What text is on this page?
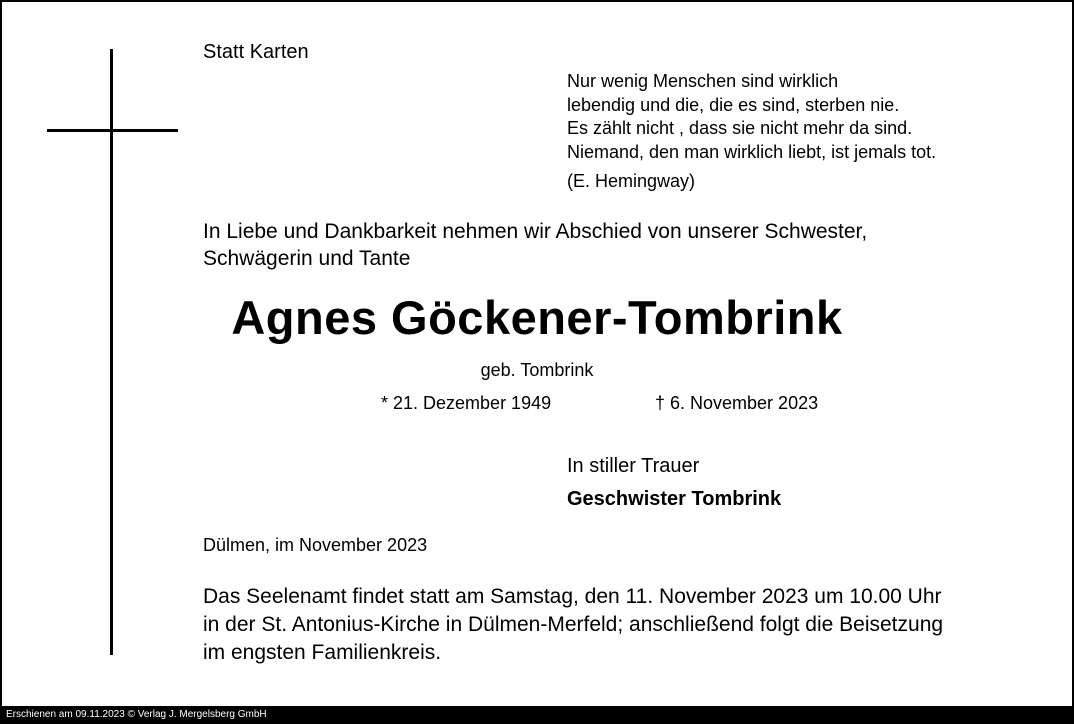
Statt Karten
Nur wenig Menschen sind wirklich
lebendig und die, die es sind, sterben nie.
Es zählt nicht , dass sie nicht mehr da sind.
Niemand, den man wirklich liebt, ist jemals tot.
(E. Hemingway)
In Liebe und Dankbarkeit nehmen wir Abschied von unserer Schwester,
Schwägerin und Tante
Agnes Göckener-Tombrink
geb. Tombrink
* 21. Dezember 1949	† 6. November 2023
In stiller Trauer
Geschwister Tombrink
Dülmen, im November 2023
Das Seelenamt findet statt am Samstag, den 11. November 2023 um 10.00 Uhr
in der St. Antonius-Kirche in Dülmen-Merfeld; anschließend folgt die Beisetzung
im engsten Familienkreis.
Erschienen am 09.11.2023 © Verlag J. Mergelsberg GmbH
